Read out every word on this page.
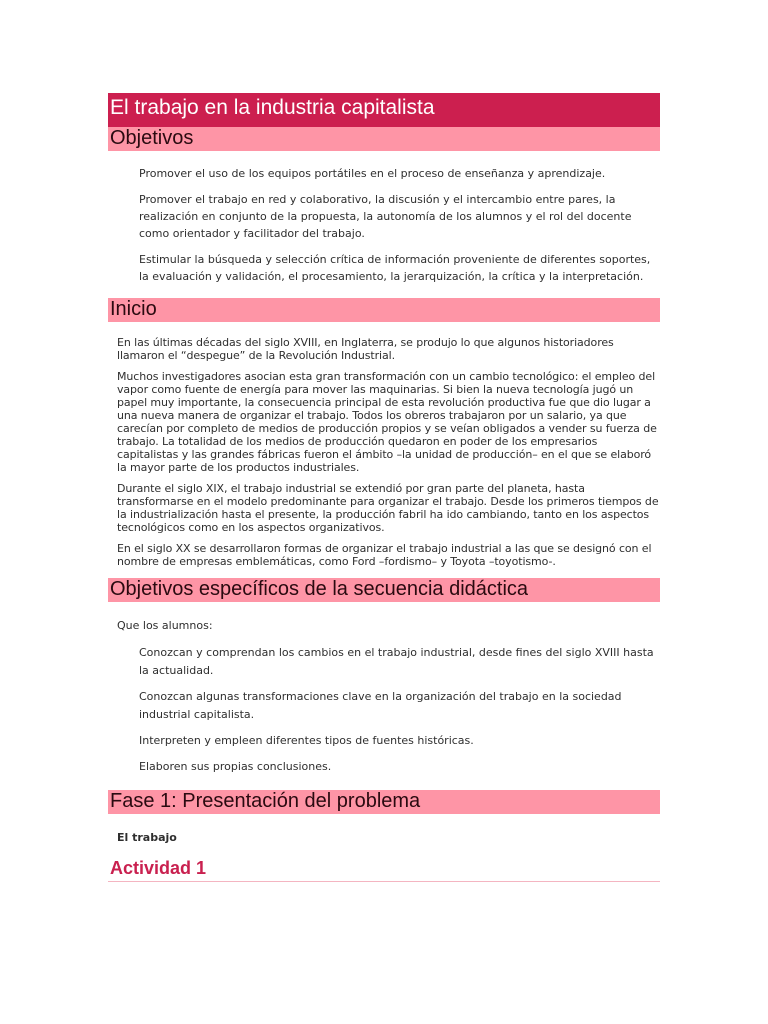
El trabajo en la industria capitalista
Objetivos

Promover el uso de los equipos portátiles en el proceso de enseñanza y aprendizaje.

Promover el trabajo en red y colaborativo, la discusión y el intercambio entre pares, la realización en conjunto de la propuesta, la autonomía de los alumnos y el rol del docente como orientador y facilitador del trabajo.

Estimular la búsqueda y selección crítica de información proveniente de diferentes soportes, la evaluación y validación, el procesamiento, la jerarquización, la crítica y la interpretación.

Inicio

En las últimas décadas del siglo XVIII, en Inglaterra, se produjo lo que algunos historiadores llamaron el “despegue” de la Revolución Industrial.

Muchos investigadores asocian esta gran transformación con un cambio tecnológico: el empleo del vapor como fuente de energía para mover las maquinarias. Si bien la nueva tecnología jugó un papel muy importante, la consecuencia principal de esta revolución productiva fue que dio lugar a una nueva manera de organizar el trabajo. Todos los obreros trabajaron por un salario, ya que carecían por completo de medios de producción propios y se veían obligados a vender su fuerza de trabajo. La totalidad de los medios de producción quedaron en poder de los empresarios capitalistas y las grandes fábricas fueron el ámbito –la unidad de producción– en el que se elaboró la mayor parte de los productos industriales.

Durante el siglo XIX, el trabajo industrial se extendió por gran parte del planeta, hasta transformarse en el modelo predominante para organizar el trabajo. Desde los primeros tiempos de la industrialización hasta el presente, la producción fabril ha ido cambiando, tanto en los aspectos tecnológicos como en los aspectos organizativos.

En el siglo XX se desarrollaron formas de organizar el trabajo industrial a las que se designó con el nombre de empresas emblemáticas, como Ford –fordismo– y Toyota –toyotismo-.

Objetivos específicos de la secuencia didáctica

Que los alumnos:

Conozcan y comprendan los cambios en el trabajo industrial, desde fines del siglo XVIII hasta la actualidad.

Conozcan algunas transformaciones clave en la organización del trabajo en la sociedad industrial capitalista.

Interpreten y empleen diferentes tipos de fuentes históricas.

Elaboren sus propias conclusiones.

Fase 1: Presentación del problema
El trabajo
Actividad 1
